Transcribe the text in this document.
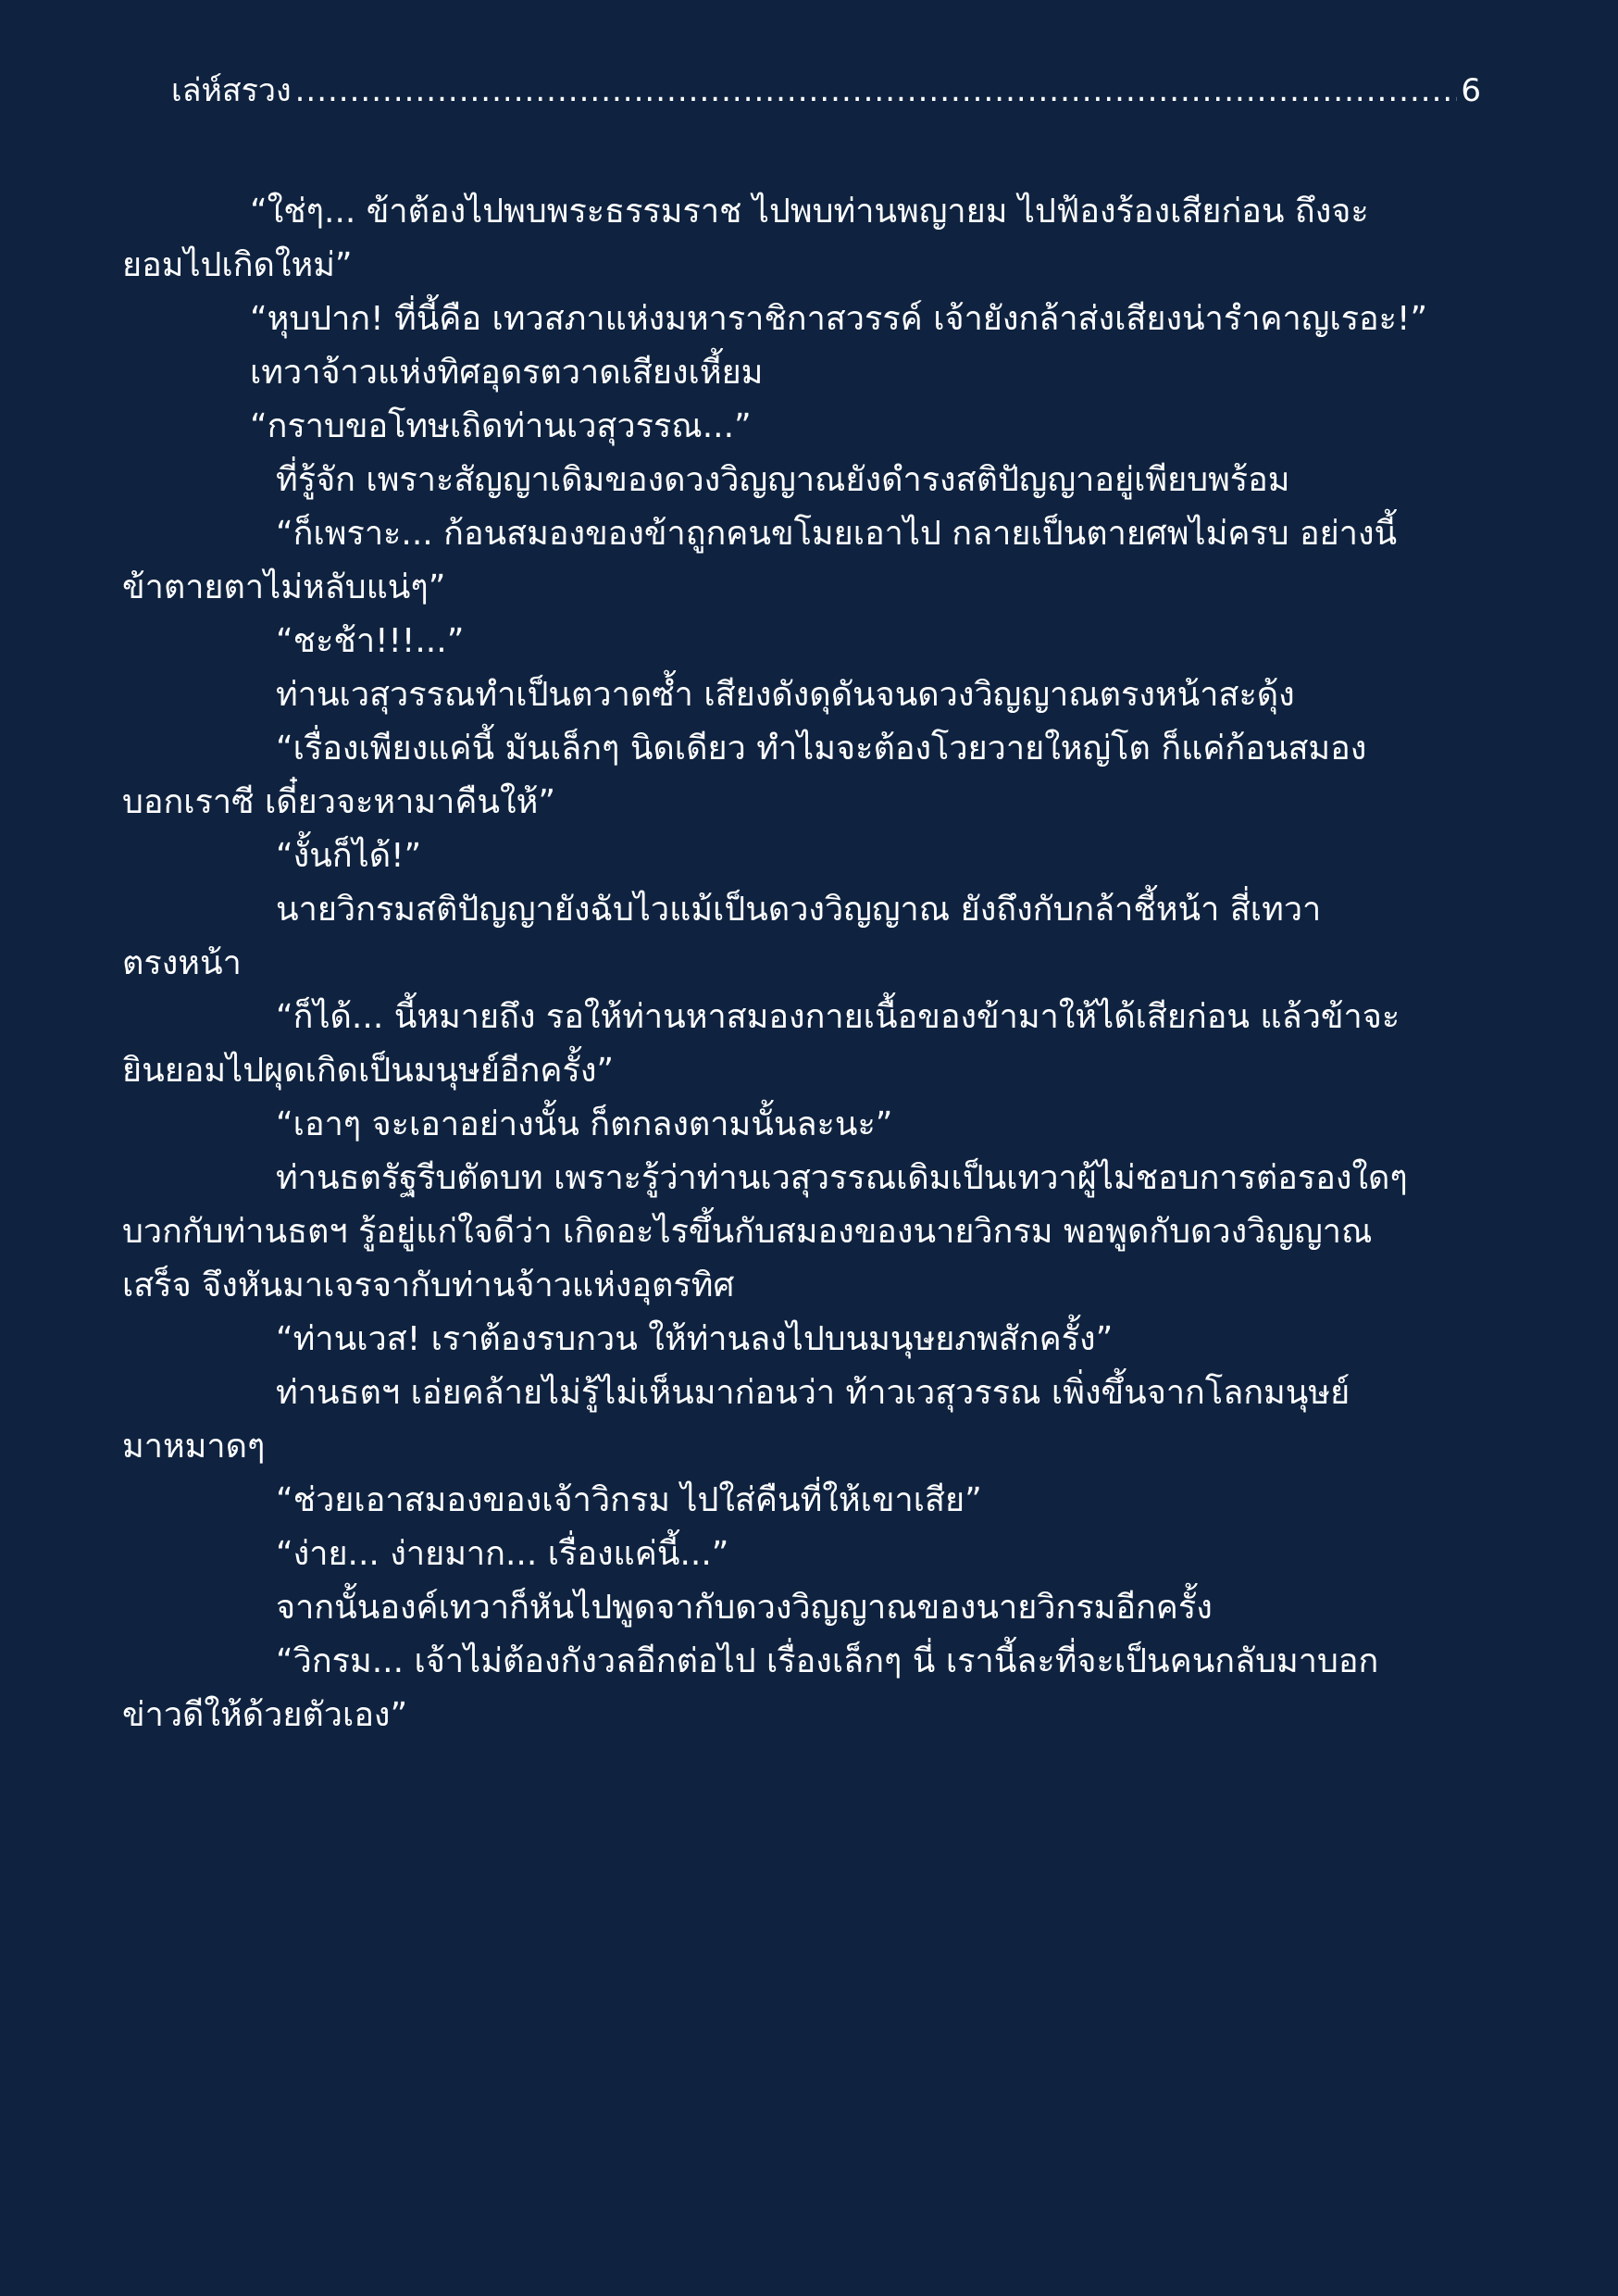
เล่ห์สรวง
.....	6
“ใช่ๆ... ข้าต้องไปพบพระธรรมราช ไปพบท่านพญายม ไปฟ้องร้องเสียก่อน ถึงจะ
ยอมไปเกิดใหม่”
“หุบปาก! ที่นี้คือ เทวสภาแห่งมหาราชิกาสวรรค์ เจ้ายังกล้าส่งเสียงน่ารำคาญเรอะ!”
เทวาจ้าวแห่งทิศอุดรตวาดเสียงเหี้ยม
“กราบขอโทษเถิดท่านเวสุวรรณ...”
ที่รู้จัก เพราะสัญญาเดิมของดวงวิญญาณยังดำรงสติปัญญาอยู่เพียบพร้อม
“ก็เพราะ... ก้อนสมองของข้าถูกคนขโมยเอาไป กลายเป็นตายศพไม่ครบ อย่างนี้
ข้าตายตาไม่หลับแน่ๆ”
“ชะช้า!!!...”
ท่านเวสุวรรณทำเป็นตวาดซ้ำ เสียงดังดุดันจนดวงวิญญาณตรงหน้าสะดุ้ง
“เรื่องเพียงแค่นี้ มันเล็กๆ นิดเดียว ทำไมจะต้องโวยวายใหญ่โต ก็แค่ก้อนสมอง
บอกเราซี เดี๋ยวจะหามาคืนให้”
“งั้นก็ได้!”
นายวิกรมสติปัญญายังฉับไวแม้เป็นดวงวิญญาณ ยังถึงกับกล้าชี้หน้า สี่เทวา
ตรงหน้า
“ก็ได้... นี้หมายถึง รอให้ท่านหาสมองกายเนื้อของข้ามาให้ได้เสียก่อน แล้วข้าจะ
ยินยอมไปผุดเกิดเป็นมนุษย์อีกครั้ง”
“เอาๆ จะเอาอย่างนั้น ก็ตกลงตามนั้นละนะ”
ท่านธตรัฐรีบตัดบท เพราะรู้ว่าท่านเวสุวรรณเดิมเป็นเทวาผู้ไม่ชอบการต่อรองใดๆ
บวกกับท่านธตฯ รู้อยู่แก่ใจดีว่า เกิดอะไรขึ้นกับสมองของนายวิกรม พอพูดกับดวงวิญญาณ
เสร็จ จึงหันมาเจรจากับท่านจ้าวแห่งอุตรทิศ
“ท่านเวส! เราต้องรบกวน ให้ท่านลงไปบนมนุษยภพสักครั้ง”
ท่านธตฯ เอ่ยคล้ายไม่รู้ไม่เห็นมาก่อนว่า ท้าวเวสุวรรณ เพิ่งขึ้นจากโลกมนุษย์
มาหมาดๆ
“ช่วยเอาสมองของเจ้าวิกรม ไปใส่คืนที่ให้เขาเสีย”
“ง่าย... ง่ายมาก... เรื่องแค่นี้...”
จากนั้นองค์เทวาก็หันไปพูดจากับดวงวิญญาณของนายวิกรมอีกครั้ง
“วิกรม... เจ้าไม่ต้องกังวลอีกต่อไป เรื่องเล็กๆ นี่ เรานี้ละที่จะเป็นคนกลับมาบอก
ข่าวดีให้ด้วยตัวเอง”
